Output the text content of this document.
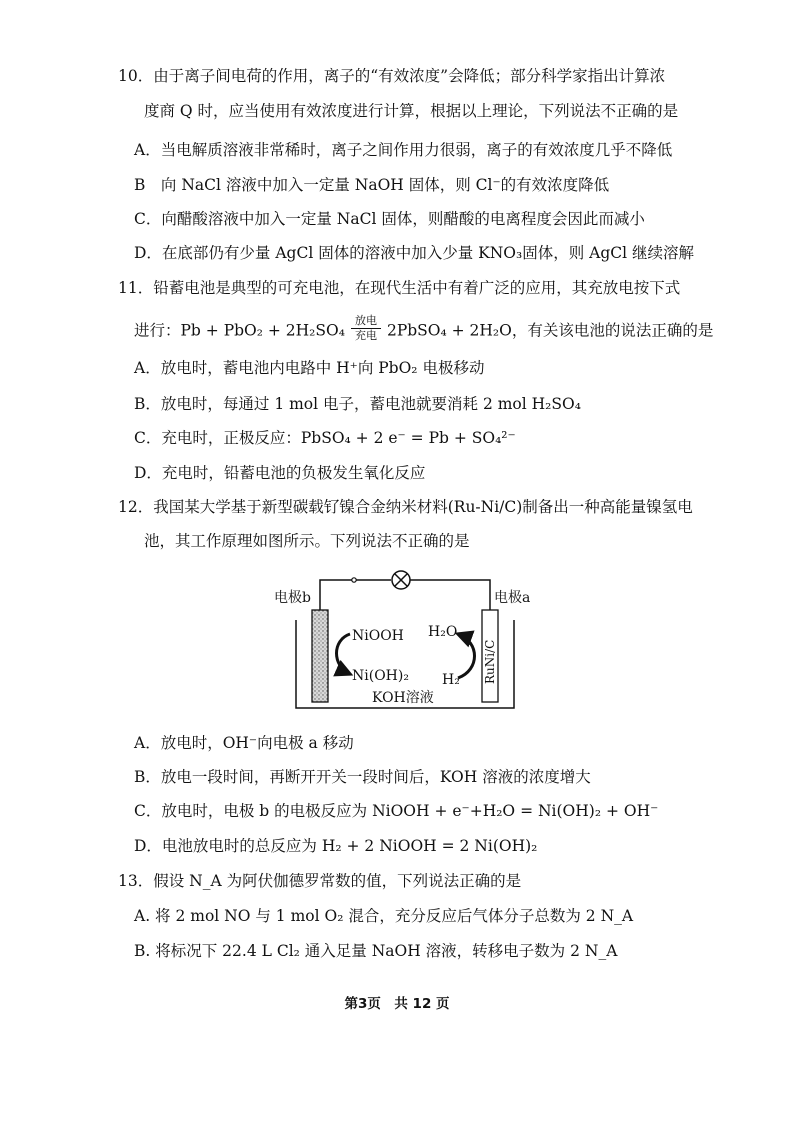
10．由于离子间电荷的作用，离子的“有效浓度”会降低；部分科学家指出计算浓
度商 Q 时，应当使用有效浓度进行计算，根据以上理论，下列说法不正确的是
A．当电解质溶液非常稀时，离子之间作用力很弱，离子的有效浓度几乎不降低
B　向 NaCl 溶液中加入一定量 NaOH 固体，则 Cl⁻的有效浓度降低
C．向醋酸溶液中加入一定量 NaCl 固体，则醋酸的电离程度会因此而减小
D．在底部仍有少量 AgCl 固体的溶液中加入少量 KNO₃固体，则 AgCl 继续溶解
11．铅蓄电池是典型的可充电池，在现代生活中有着广泛的应用，其充放电按下式
进行：$Pb + PbO_2 + 2H_2SO_4 \frac{\text{放电}}{\text{充电}}$ 2PbSO₄ + 2H₂O，有关该电池的说法正确的是
A．放电时，蓄电池内电路中 H⁺向 PbO₂ 电极移动
B．放电时，每通过 1 mol 电子，蓄电池就要消耗 2 mol H₂SO₄
C．充电时，正极反应：PbSO₄ + 2 e⁻ = Pb + SO₄²⁻
D．充电时，铅蓄电池的负极发生氧化反应
12．我国某大学基于新型碳载钌镍合金纳米材料(Ru-Ni/C)制备出一种高能量镍氢电
池，其工作原理如图所示。下列说法不正确的是
电极b	电极a
RuNi/C
NiOOH
Ni(OH)₂
H₂O
H₂
KOH溶液
A．放电时，OH⁻向电极 a 移动
B．放电一段时间，再断开开关一段时间后，KOH 溶液的浓度增大
C．放电时，电极 b 的电极反应为 NiOOH + e⁻+H₂O = Ni(OH)₂ + OH⁻
D．电池放电时的总反应为 H₂ + 2 NiOOH = 2 Ni(OH)₂
13．假设 N_A 为阿伏伽德罗常数的值，下列说法正确的是
A. 将 2 mol NO 与 1 mol O₂ 混合，充分反应后气体分子总数为 2 N_A
B. 将标况下 22.4 L Cl₂ 通入足量 NaOH 溶液，转移电子数为 2 N_A
第3页　共 12 页
